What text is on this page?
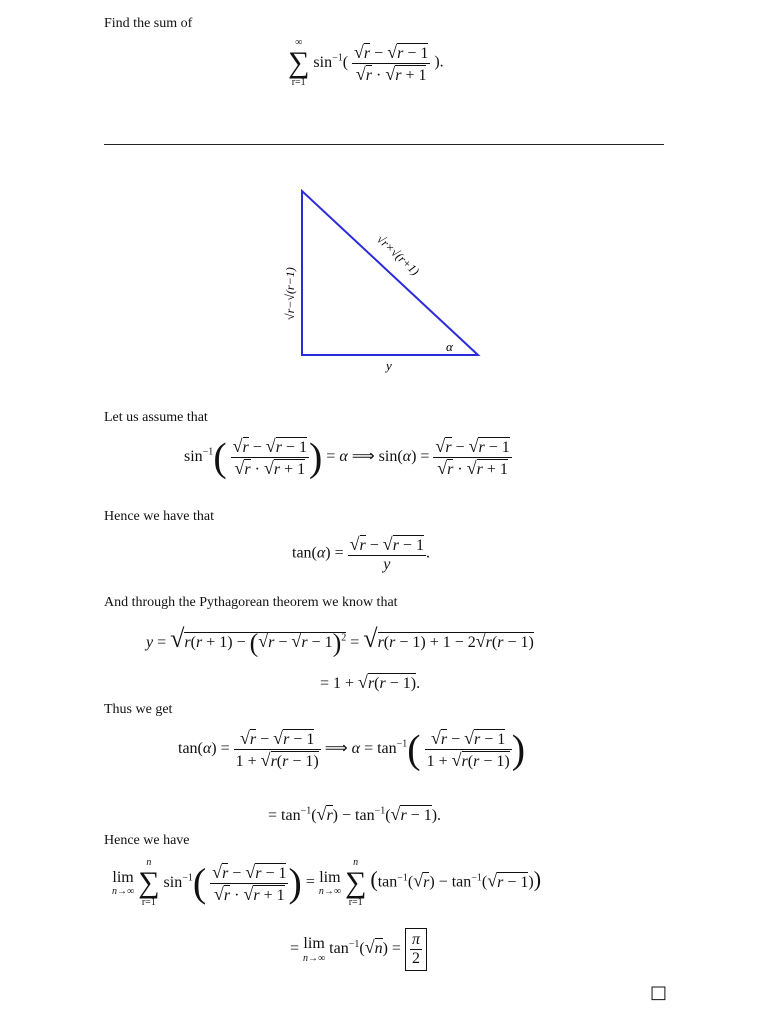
Find the sum of
∞
∑
r=1
$\sin^{-1}( \frac{√r - √r - 1}{√r \cdot √r + 1}$ ).
√r−√(r−1)
√r×√(r+1)
y
α
Let us assume that
$\sin^{-1}( \frac{√r - √r - 1}{√r \cdot √r + 1}$ ) = α ⟹ $\sin(\alpha) = \frac{√r - √r - 1}{√r \cdot √r + 1}$
Hence we have that
$\tan(\alpha) = \frac{√r - √r - 1}{y}$ .
And through the Pythagorean theorem we know that
$y = √r(r + 1) - (√r - √r - 1)^2 = √r(r - 1) + 1 - 2√r(r - 1)$
= 1 + √r(r − 1).
Thus we get
$\tan(\alpha) = \frac{√r - √r - 1}{1 + √r(r - 1)}$ ⟹ $\alpha = \tan^{-1}( \frac{√r - √r - 1}{1 + √r(r - 1)}$ )
= $\tan^{-1}(√r) - \tan^{-1}(√r - 1)$.
Hence we have
lim
n→∞

n
∑
r=1
$\sin^{-1}( \frac{√r - √r - 1}{√r \cdot √r + 1}$ ) = lim
n→∞

n
∑
r=1
$(\tan^{-1}(√r) - \tan^{-1}(√r - 1))$
= lim
n→∞
$\tan^{-1}(√n) = \frac{\pi}{2}$
□
